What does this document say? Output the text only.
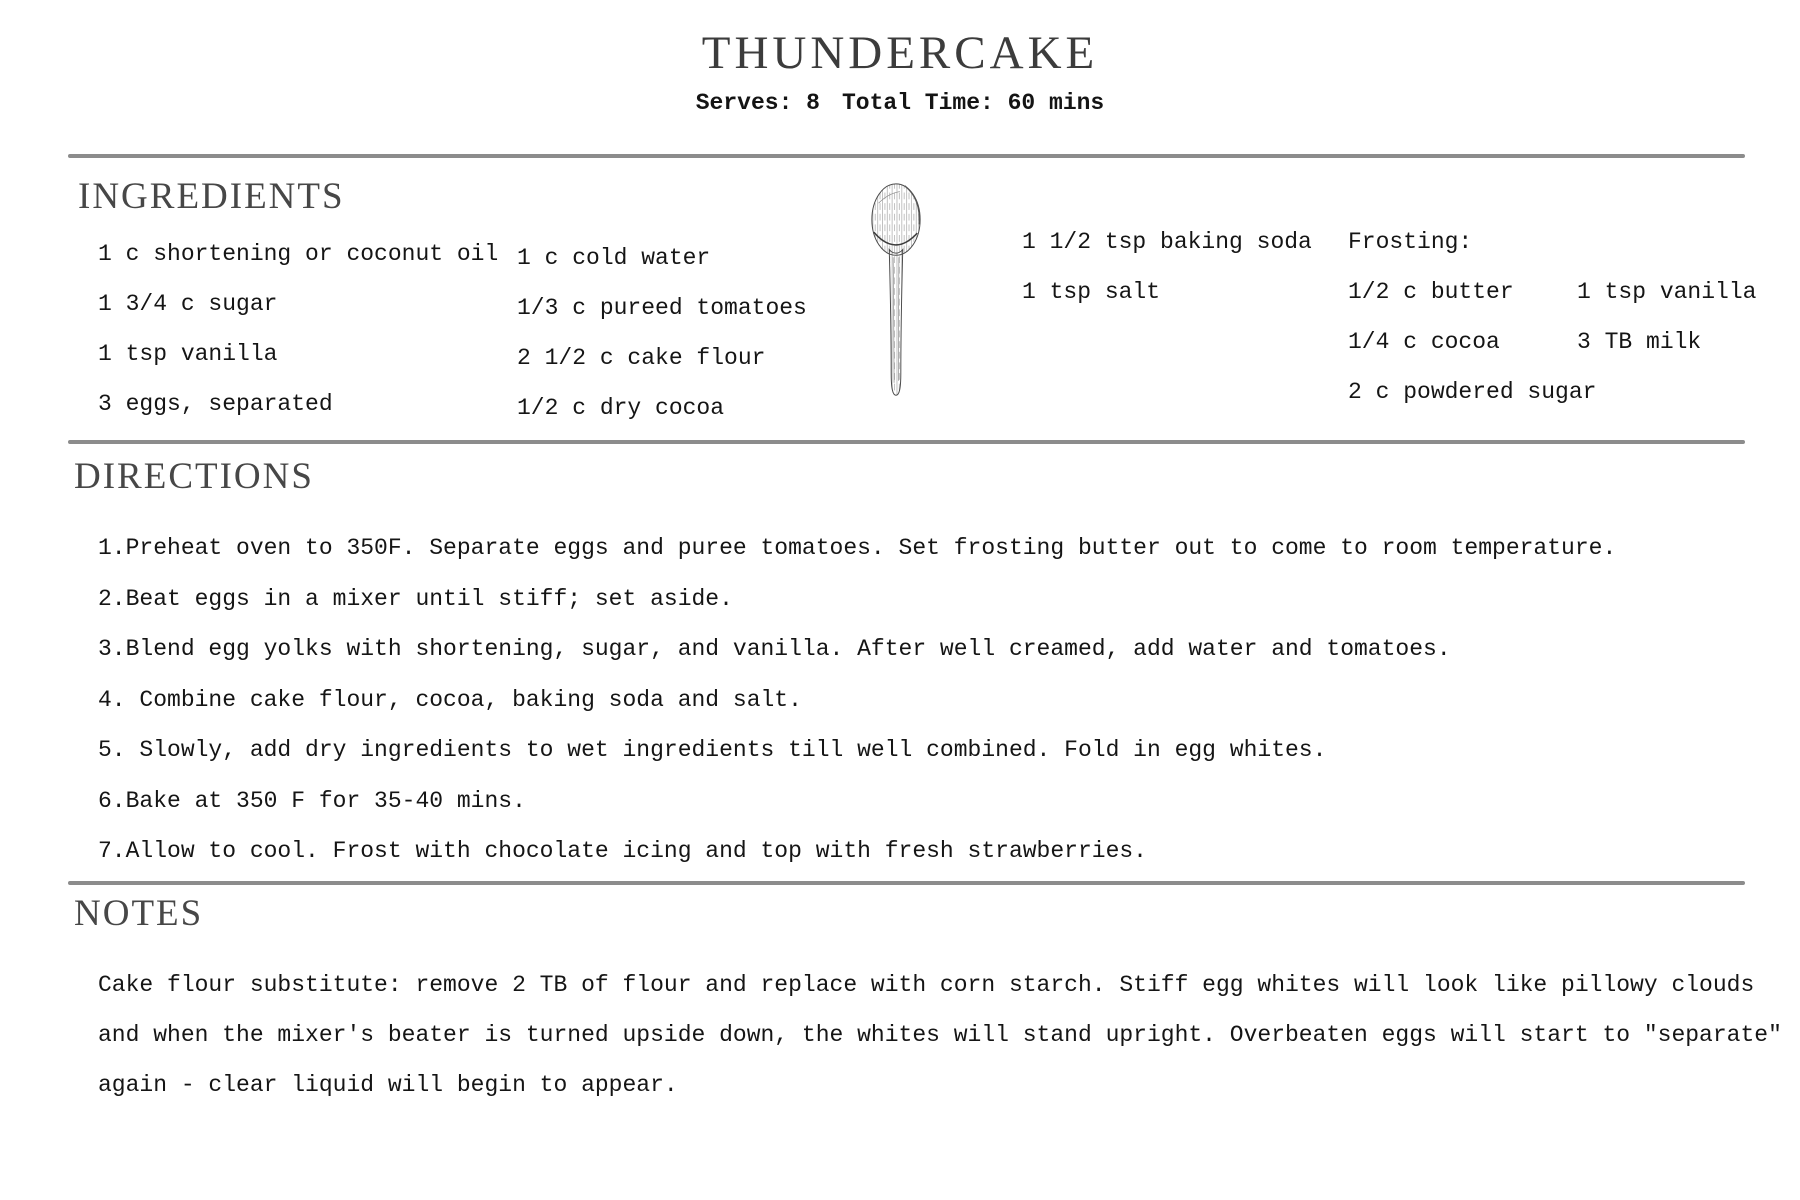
THUNDERCAKE
Serves: 8 Total Time: 60 mins
INGREDIENTS
1 c shortening or coconut oil
1 3/4 c sugar
1 tsp vanilla
3 eggs, separated
1 c cold water
1/3 c pureed tomatoes
2 1/2 c cake flour
1/2 c dry cocoa
1 1/2 tsp baking soda
1 tsp salt
Frosting:
1/2 c butter
1/4 c cocoa
2 c powdered sugar
1 tsp vanilla
3 TB milk
DIRECTIONS
1.Preheat oven to 350F. Separate eggs and puree tomatoes. Set frosting butter out to come to room temperature.
2.Beat eggs in a mixer until stiff; set aside.
3.Blend egg yolks with shortening, sugar, and vanilla. After well creamed, add water and tomatoes.
4. Combine cake flour, cocoa, baking soda and salt.
5. Slowly, add dry ingredients to wet ingredients till well combined. Fold in egg whites.
6.Bake at 350 F for 35-40 mins.
7.Allow to cool. Frost with chocolate icing and top with fresh strawberries.
NOTES

Cake flour substitute: remove 2 TB of flour and replace with corn starch. Stiff egg whites will look like pillowy clouds and when the mixer's beater is turned upside down, the whites will stand upright. Overbeaten eggs will start to "separate" again - clear liquid will begin to appear.
